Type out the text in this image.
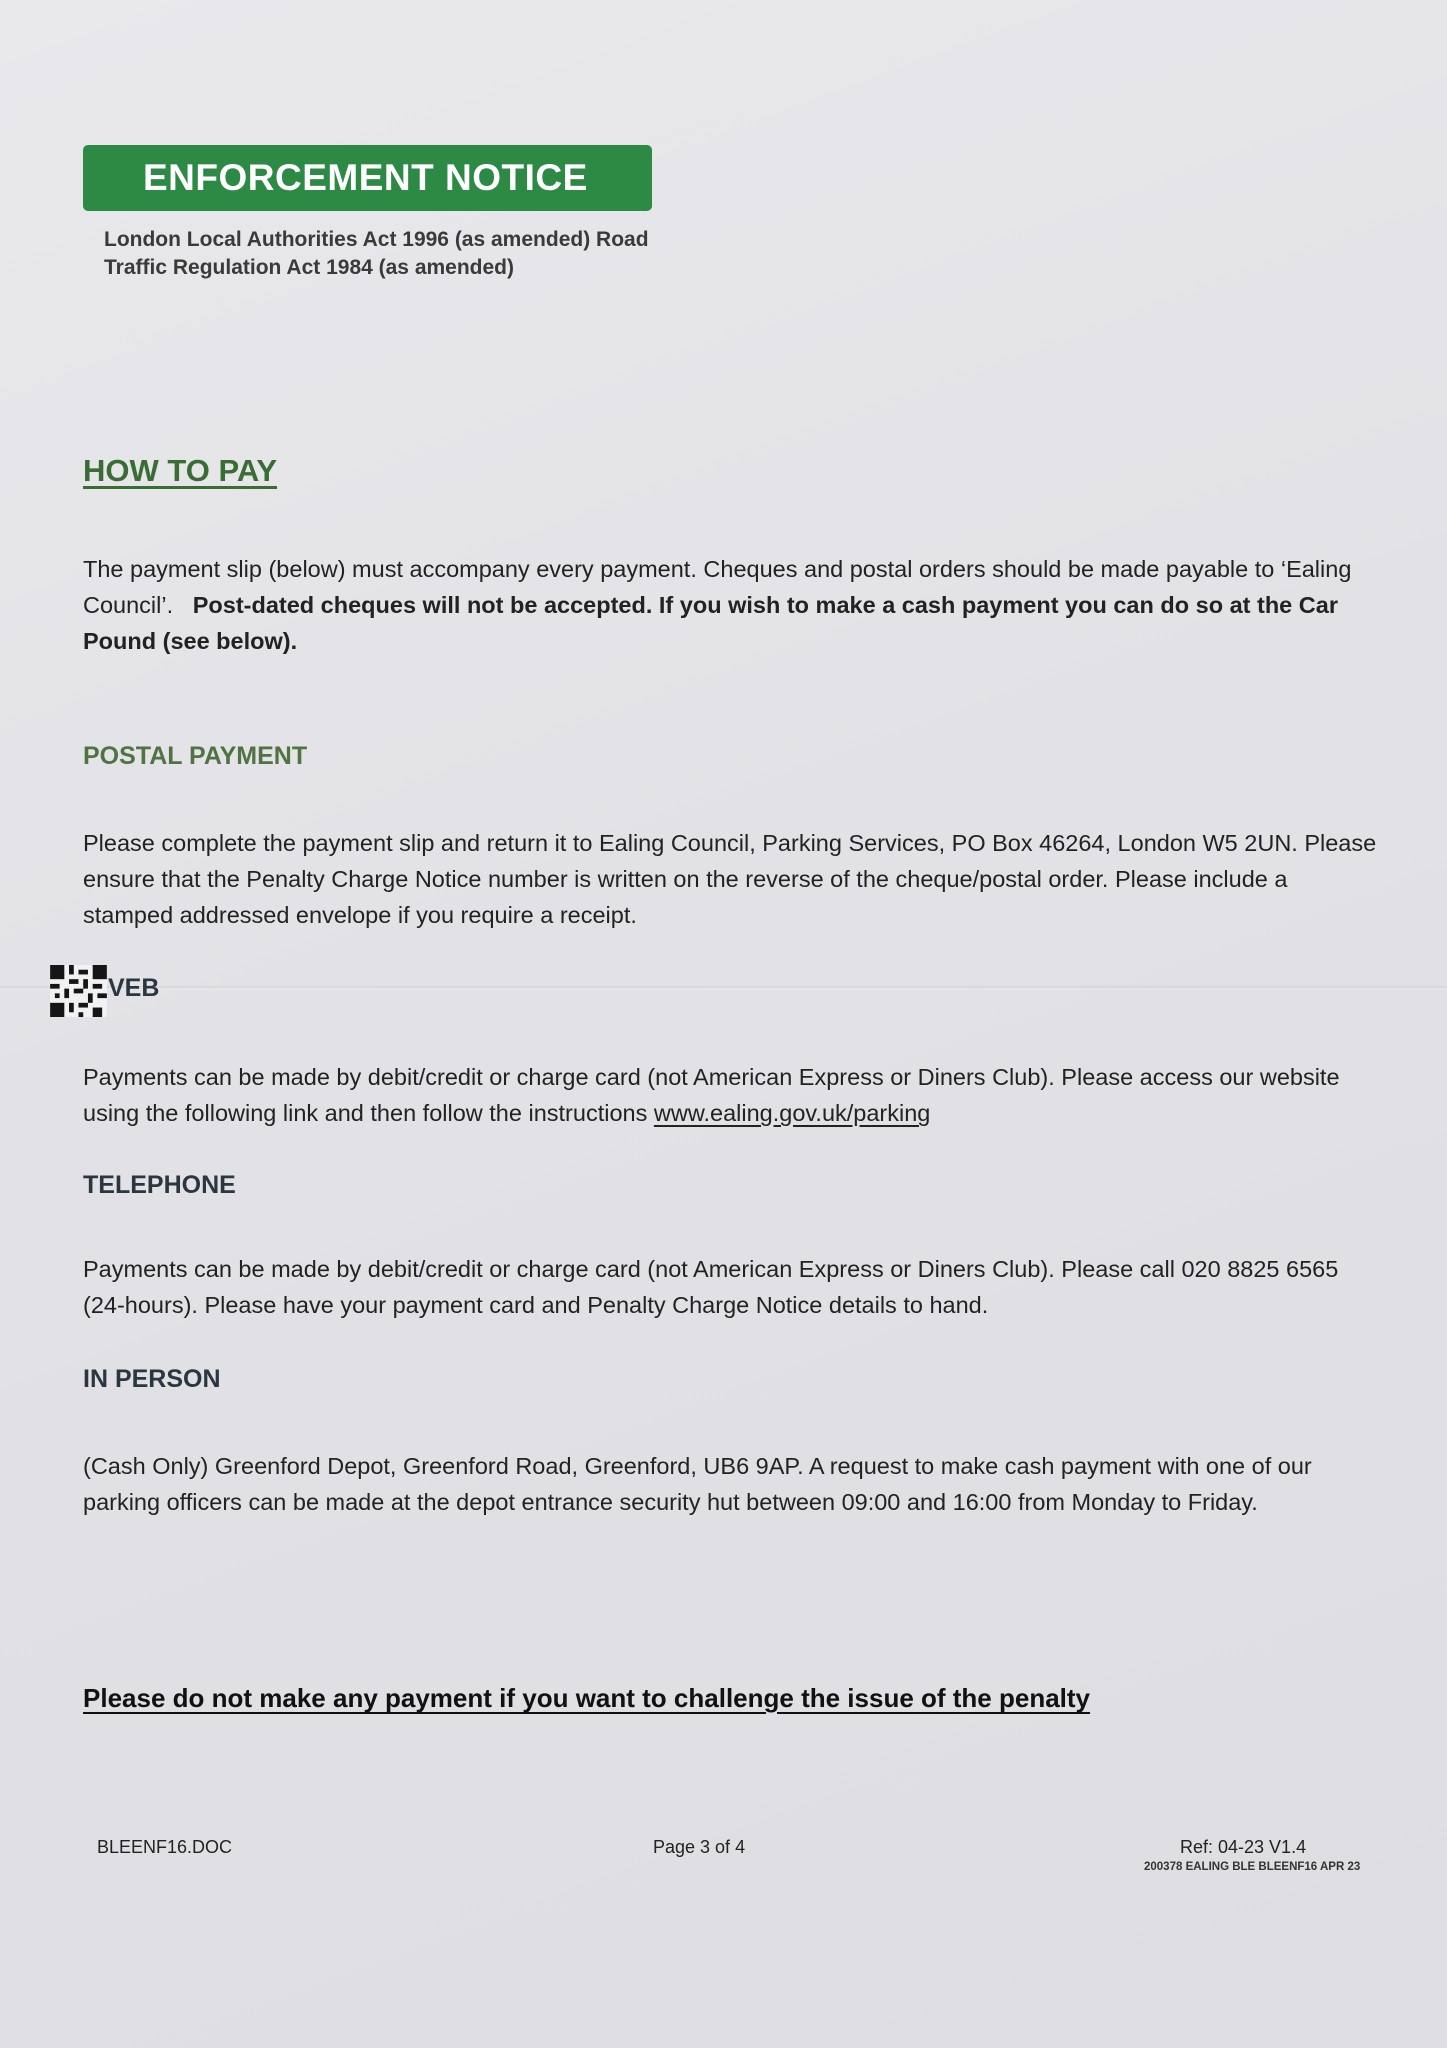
ENFORCEMENT NOTICE
London Local Authorities Act 1996 (as amended) Road Traffic Regulation Act 1984 (as amended)
HOW TO PAY
The payment slip (below) must accompany every payment. Cheques and postal orders should be made payable to ‘Ealing Council’. Post-dated cheques will not be accepted. If you wish to make a cash payment you can do so at the Car Pound (see below).
POSTAL PAYMENT
Please complete the payment slip and return it to Ealing Council, Parking Services, PO Box 46264, London W5 2UN. Please ensure that the Penalty Charge Notice number is written on the reverse of the cheque/postal order. Please include a stamped addressed envelope if you require a receipt.
VEB
Payments can be made by debit/credit or charge card (not American Express or Diners Club). Please access our website using the following link and then follow the instructions www.ealing.gov.uk/parking
TELEPHONE
Payments can be made by debit/credit or charge card (not American Express or Diners Club). Please call 020 8825 6565 (24-hours). Please have your payment card and Penalty Charge Notice details to hand.
IN PERSON
(Cash Only) Greenford Depot, Greenford Road, Greenford, UB6 9AP. A request to make cash payment with one of our parking officers can be made at the depot entrance security hut between 09:00 and 16:00 from Monday to Friday.
Please do not make any payment if you want to challenge the issue of the penalty
BLEENF16.DOC	Page 3 of 4	Ref: 04-23 V1.4
200378 EALING BLE BLEENF16 APR 23
